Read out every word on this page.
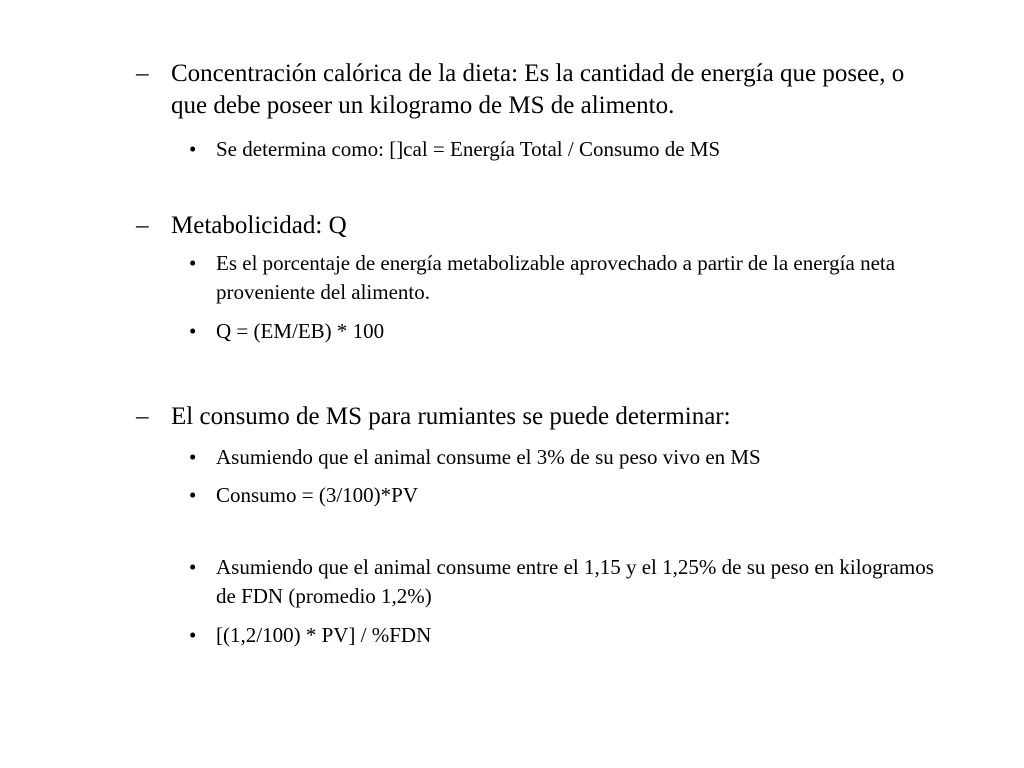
– Concentración calórica de la dieta: Es la cantidad de energía que posee, o que debe poseer un kilogramo de MS de alimento.
• Se determina como: []cal = Energía Total / Consumo de MS
– Metabolicidad: Q
• Es el porcentaje de energía metabolizable aprovechado a partir de la energía neta proveniente del alimento.
• Q = (EM/EB) * 100
– El consumo de MS para rumiantes se puede determinar:
• Asumiendo que el animal consume el 3% de su peso vivo en MS
• Consumo = (3/100)*PV
• Asumiendo que el animal consume entre el 1,15 y el 1,25% de su peso en kilogramos de FDN (promedio 1,2%)
• [(1,2/100) * PV] / %FDN
